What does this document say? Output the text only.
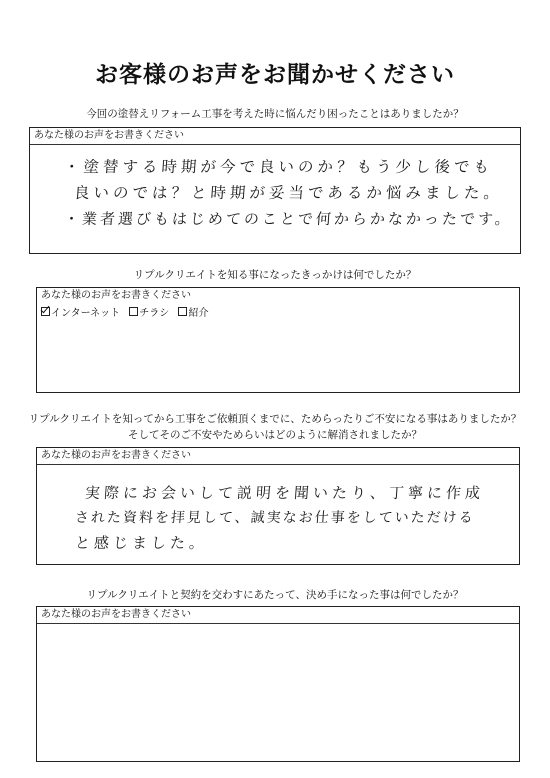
お客様のお声をお聞かせください
今回の塗替えリフォーム工事を考えた時に悩んだり困ったことはありましたか？
あなた様のお声をお書きください
・塗替する時期が今で良いのか？もう少し後でも
良いのでは？と時期が妥当であるか悩みました。
・業者選びもはじめてのことで何からかなかったです。
リプルクリエイトを知る事になったきっかけは何でしたか？
あなた様のお声をお書きください
インターネット チラシ 紹介
リプルクリエイトを知ってから工事をご依頼頂くまでに、ためらったりご不安になる事はありましたか？
そしてそのご不安やためらいはどのように解消されましたか？
あなた様のお声をお書きください
実際にお会いして説明を聞いたり、丁寧に作成
された資料を拝見して、誠実なお仕事をしていただける
と感じました。
リプルクリエイトと契約を交わすにあたって、決め手になった事は何でしたか？
あなた様のお声をお書きください
